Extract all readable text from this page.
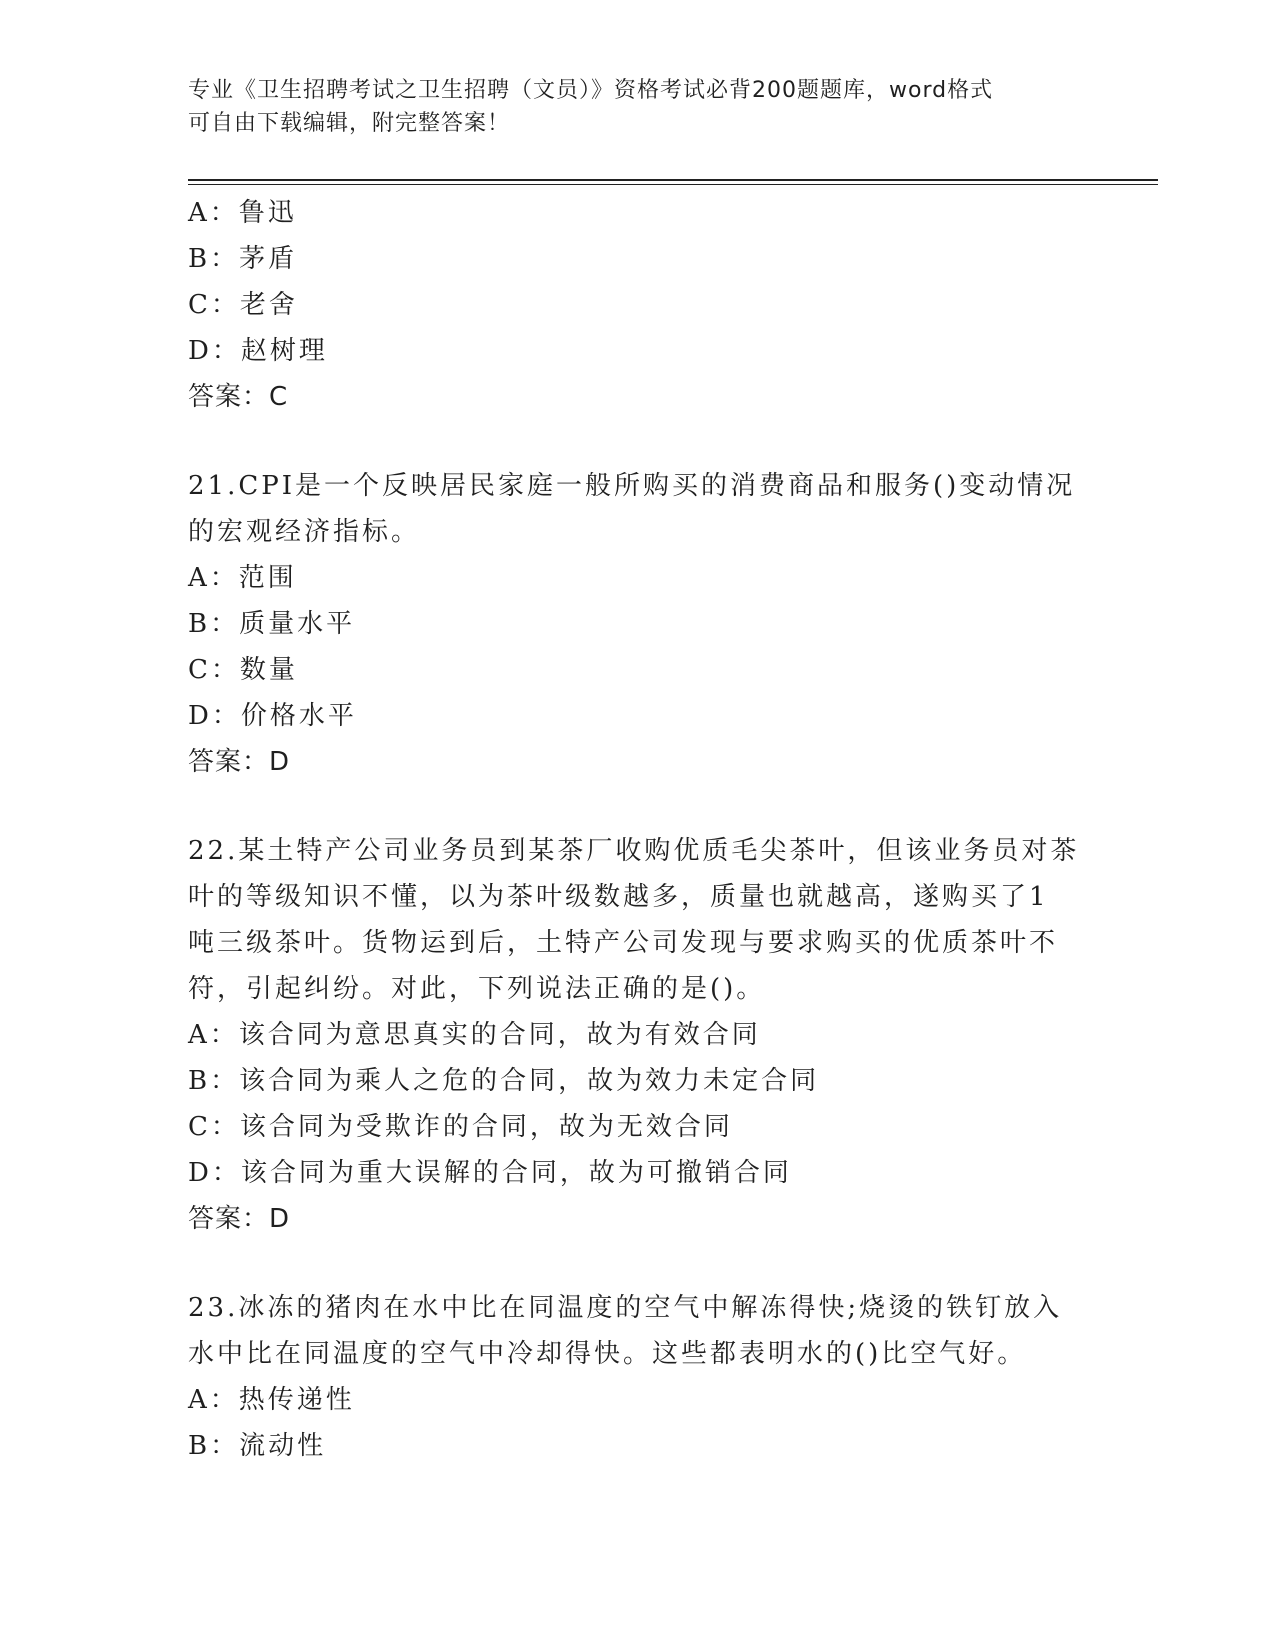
专业《卫生招聘考试之卫生招聘（文员）》资格考试必背200题题库，word格式
可自由下载编辑，附完整答案！
A：鲁迅
B：茅盾
C：老舍
D：赵树理
答案：C
21.CPI是一个反映居民家庭一般所购买的消费商品和服务()变动情况
的宏观经济指标。
A：范围
B：质量水平
C：数量
D：价格水平
答案：D
22.某土特产公司业务员到某茶厂收购优质毛尖茶叶，但该业务员对茶
叶的等级知识不懂，以为茶叶级数越多，质量也就越高，遂购买了1
吨三级茶叶。货物运到后，土特产公司发现与要求购买的优质茶叶不
符，引起纠纷。对此，下列说法正确的是()。
A：该合同为意思真实的合同，故为有效合同
B：该合同为乘人之危的合同，故为效力未定合同
C：该合同为受欺诈的合同，故为无效合同
D：该合同为重大误解的合同，故为可撤销合同
答案：D
23.冰冻的猪肉在水中比在同温度的空气中解冻得快;烧烫的铁钉放入
水中比在同温度的空气中冷却得快。这些都表明水的()比空气好。
A：热传递性
B：流动性
